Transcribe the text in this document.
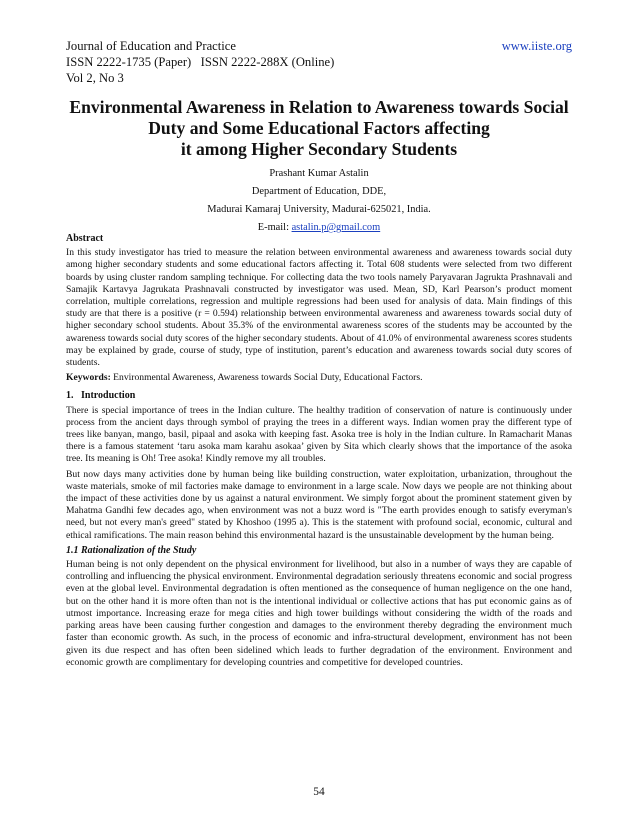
Journal of Education and Practice	www.iiste.org
ISSN 2222-1735 (Paper)   ISSN 2222-288X (Online)
Vol 2, No 3
Environmental Awareness in Relation to Awareness towards Social
Duty and Some Educational Factors affecting
it among Higher Secondary Students
Prashant Kumar Astalin
Department of Education, DDE,
Madurai Kamaraj University, Madurai-625021, India.
E-mail: astalin.p@gmail.com

Abstract

In this study investigator has tried to measure the relation between environmental awareness and awareness towards social duty among higher secondary students and some educational factors affecting it. Total 608 students were selected from two different boards by using cluster random sampling technique. For collecting data the two tools namely Paryavaran Jagrukta Prashnavali and Samajik Kartavya Jagrukata Prashnavali constructed by investigator was used. Mean, SD, Karl Pearson’s product moment correlation, multiple correlations, regression and multiple regressions had been used for analysis of data. Main findings of this study are that there is a positive (r = 0.594) relationship between environmental awareness and awareness towards social duty of higher secondary school students. About 35.3% of the environmental awareness scores of the students may be accounted by the awareness towards social duty scores of the higher secondary students. About of 41.0% of environmental awareness scores students may be explained by grade, course of study, type of institution, parent’s education and awareness towards social duty scores of students.

Keywords: Environmental Awareness, Awareness towards Social Duty, Educational Factors.

1.   Introduction

There is special importance of trees in the Indian culture. The healthy tradition of conservation of nature is continuously under process from the ancient days through symbol of praying the trees in a different ways. Indian women pray the different type of trees like banyan, mango, basil, pipaal and asoka with keeping fast. Asoka tree is holy in the Indian culture. In Ramacharit Manas there is a famous statement ‘taru asoka mam karahu asokaa’ given by Sita which clearly shows that the importance of the asoka tree. Its meaning is Oh! Tree asoka! Kindly remove my all troubles.

But now days many activities done by human being like building construction, water exploitation, urbanization, throughout the waste materials, smoke of mil factories make damage to environment in a large scale. Now days we people are not thinking about the impact of these activities done by us against a natural environment. We simply forgot about the prominent statement given by Mahatma Gandhi few decades ago, when environment was not a buzz word is "The earth provides enough to satisfy everyman's need, but not every man's greed" stated by Khoshoo (1995 a). This is the statement with profound social, economic, cultural and ethical ramifications. The main reason behind this environmental hazard is the unsustainable development by the human being.

1.1 Rationalization of the Study

Human being is not only dependent on the physical environment for livelihood, but also in a number of ways they are capable of controlling and influencing the physical environment. Environmental degradation seriously threatens economic and social progress even at the global level. Environmental degradation is often mentioned as the consequence of human negligence on the one hand, but on the other hand it is more often than not is the intentional individual or collective actions that has put economic gains as of utmost importance. Increasing eraze for mega cities and high tower buildings without considering the width of the roads and parking areas have been causing further congestion and damages to the environment thereby degrading the environment much faster than economic growth. As such, in the process of economic and infra-structural development, environment has not been given its due respect and has often been sidelined which leads to further degradation of the environment. Environment and economic growth are complimentary for developing countries and competitive for developed countries.

54
